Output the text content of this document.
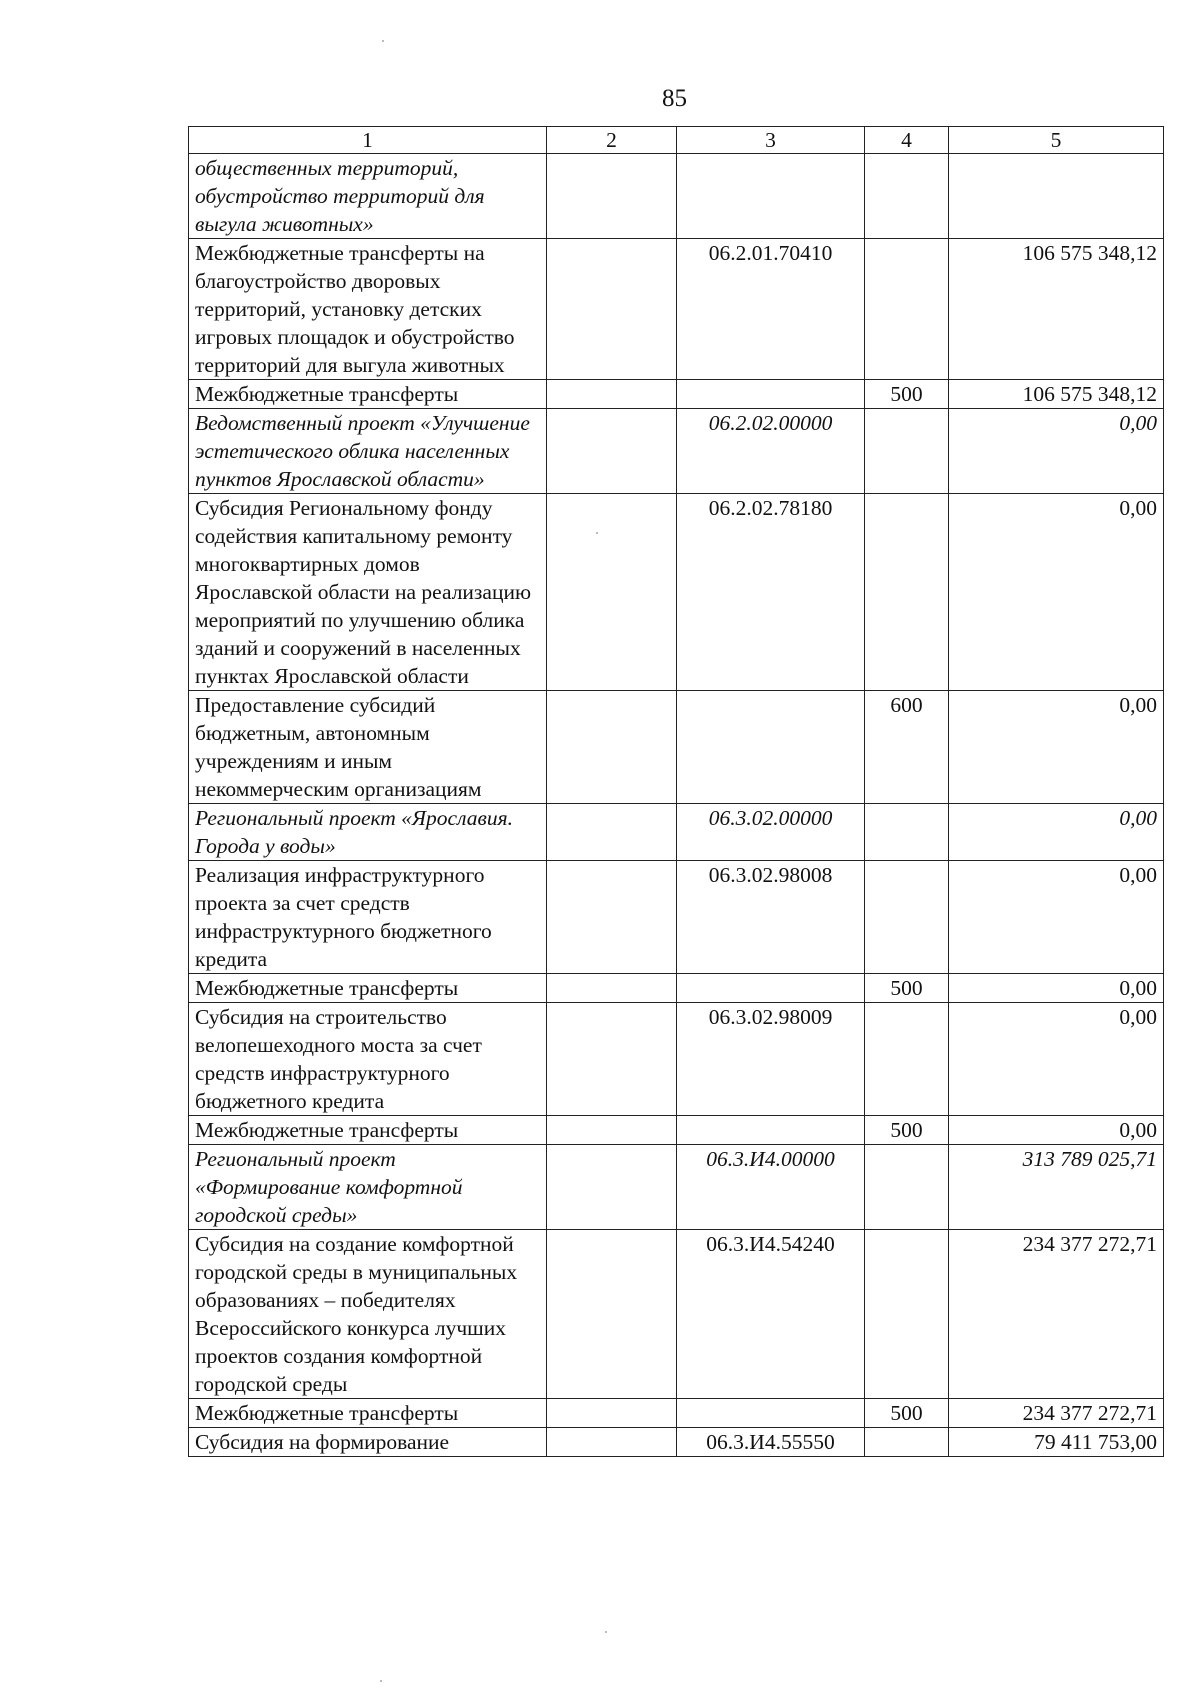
85
1	2	3	4	5
общественных территорий, обустройство территорий для выгула животных»				
Межбюджетные трансферты на благоустройство дворовых территорий, установку детских игровых площадок и обустройство территорий для выгула животных		06.2.01.70410		106 575 348,12
Межбюджетные трансферты			500	106 575 348,12
Ведомственный проект «Улучшение эстетического облика населенных пунктов Ярославской области»		06.2.02.00000		0,00
Субсидия Региональному фонду содействия капитальному ремонту многоквартирных домов Ярославской области на реализацию мероприятий по улучшению облика зданий и сооружений в населенных пунктах Ярославской области		06.2.02.78180		0,00
Предоставление субсидий бюджетным, автономным учреждениям и иным некоммерческим организациям			600	0,00
Региональный проект «Ярославия. Города у воды»		06.3.02.00000		0,00
Реализация инфраструктурного проекта за счет средств инфраструктурного бюджетного кредита		06.3.02.98008		0,00
Межбюджетные трансферты			500	0,00
Субсидия на строительство велопешеходного моста за счет средств инфраструктурного бюджетного кредита		06.3.02.98009		0,00
Межбюджетные трансферты			500	0,00
Региональный проект «Формирование комфортной городской среды»		06.3.И4.00000		313 789 025,71
Субсидия на создание комфортной городской среды в муниципальных образованиях – победителях Всероссийского конкурса лучших проектов создания комфортной городской среды		06.3.И4.54240		234 377 272,71
Межбюджетные трансферты			500	234 377 272,71
Субсидия на формирование		06.3.И4.55550		79 411 753,00
